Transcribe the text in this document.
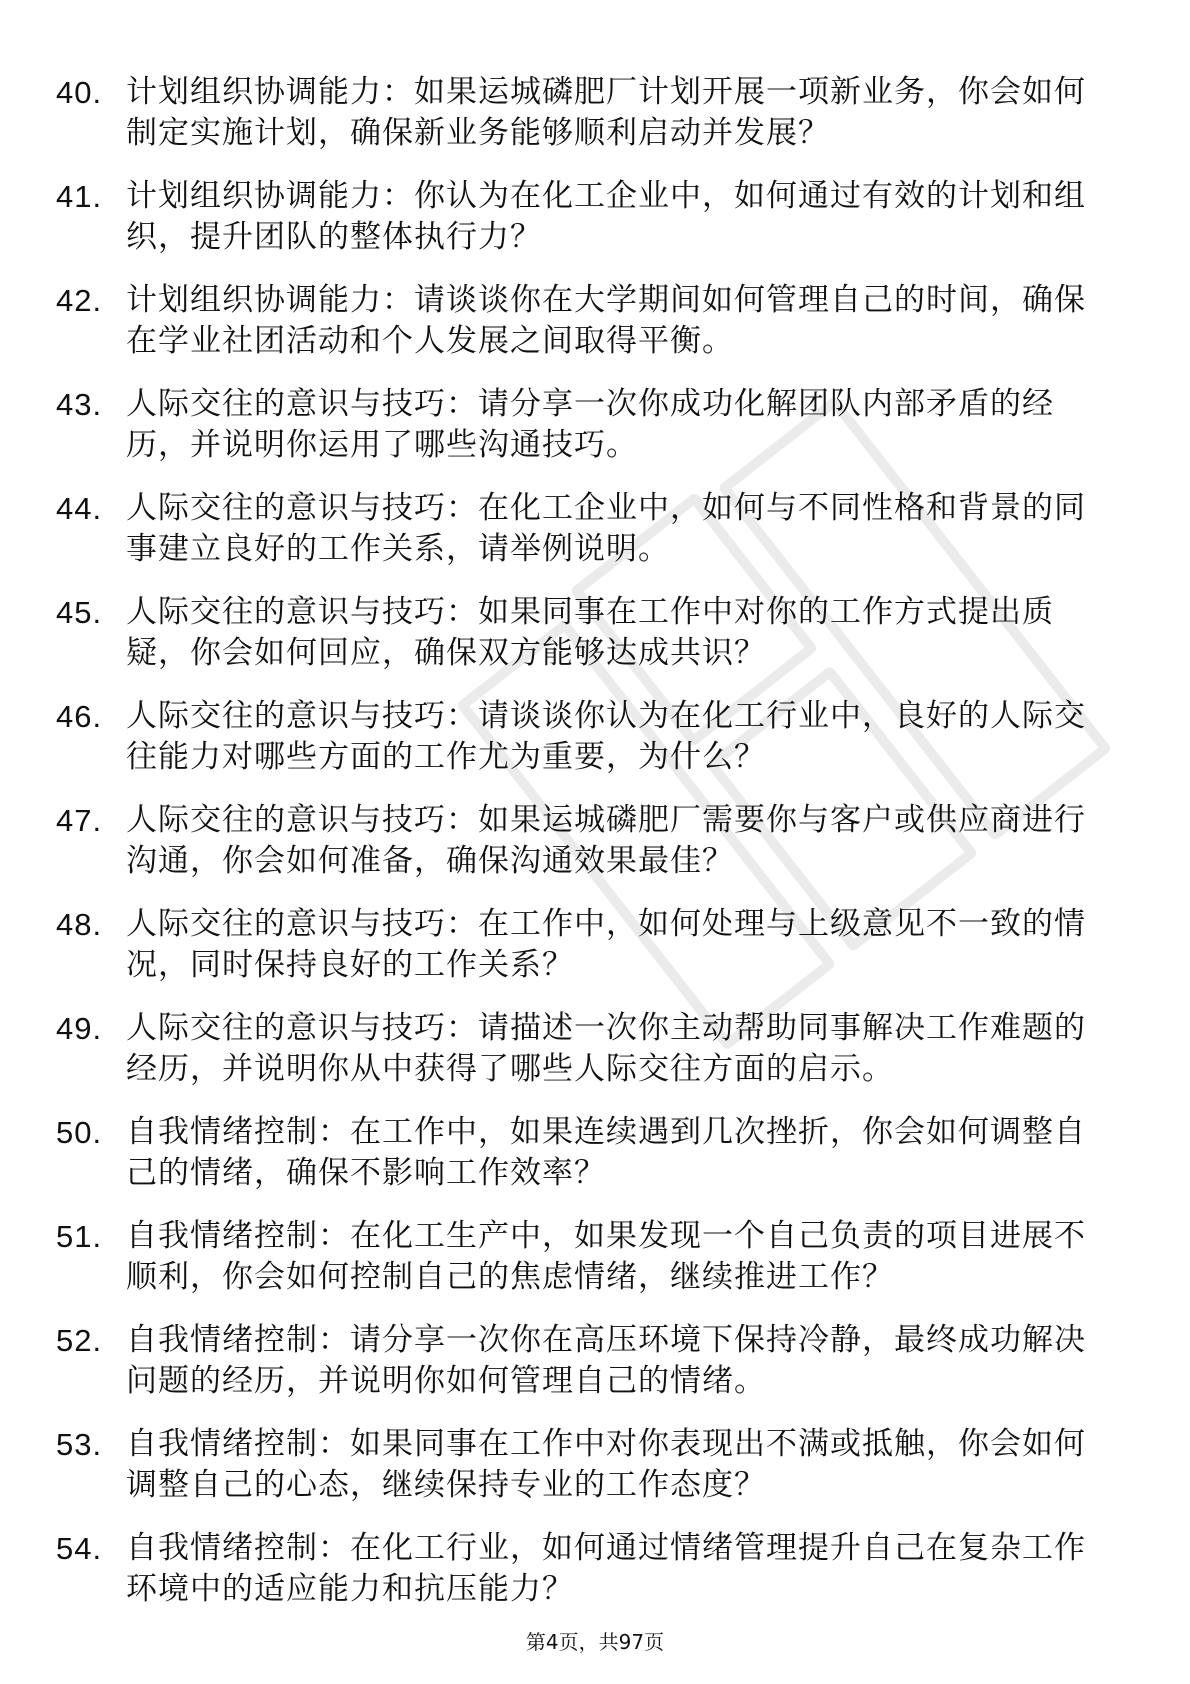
40. 计划组织协调能力：如果运城磷肥厂计划开展一项新业务，你会如何制定实施计划，确保新业务能够顺利启动并发展？
41. 计划组织协调能力：你认为在化工企业中，如何通过有效的计划和组织，提升团队的整体执行力？
42. 计划组织协调能力：请谈谈你在大学期间如何管理自己的时间，确保在学业社团活动和个人发展之间取得平衡。
43. 人际交往的意识与技巧：请分享一次你成功化解团队内部矛盾的经历，并说明你运用了哪些沟通技巧。
44. 人际交往的意识与技巧：在化工企业中，如何与不同性格和背景的同事建立良好的工作关系，请举例说明。
45. 人际交往的意识与技巧：如果同事在工作中对你的工作方式提出质疑，你会如何回应，确保双方能够达成共识？
46. 人际交往的意识与技巧：请谈谈你认为在化工行业中，良好的人际交往能力对哪些方面的工作尤为重要，为什么？
47. 人际交往的意识与技巧：如果运城磷肥厂需要你与客户或供应商进行沟通，你会如何准备，确保沟通效果最佳？
48. 人际交往的意识与技巧：在工作中，如何处理与上级意见不一致的情况，同时保持良好的工作关系？
49. 人际交往的意识与技巧：请描述一次你主动帮助同事解决工作难题的经历，并说明你从中获得了哪些人际交往方面的启示。
50. 自我情绪控制：在工作中，如果连续遇到几次挫折，你会如何调整自己的情绪，确保不影响工作效率？
51. 自我情绪控制：在化工生产中，如果发现一个自己负责的项目进展不顺利，你会如何控制自己的焦虑情绪，继续推进工作？
52. 自我情绪控制：请分享一次你在高压环境下保持冷静，最终成功解决问题的经历，并说明你如何管理自己的情绪。
53. 自我情绪控制：如果同事在工作中对你表现出不满或抵触，你会如何调整自己的心态，继续保持专业的工作态度？
54. 自我情绪控制：在化工行业，如何通过情绪管理提升自己在复杂工作环境中的适应能力和抗压能力？
第4页，共97页
